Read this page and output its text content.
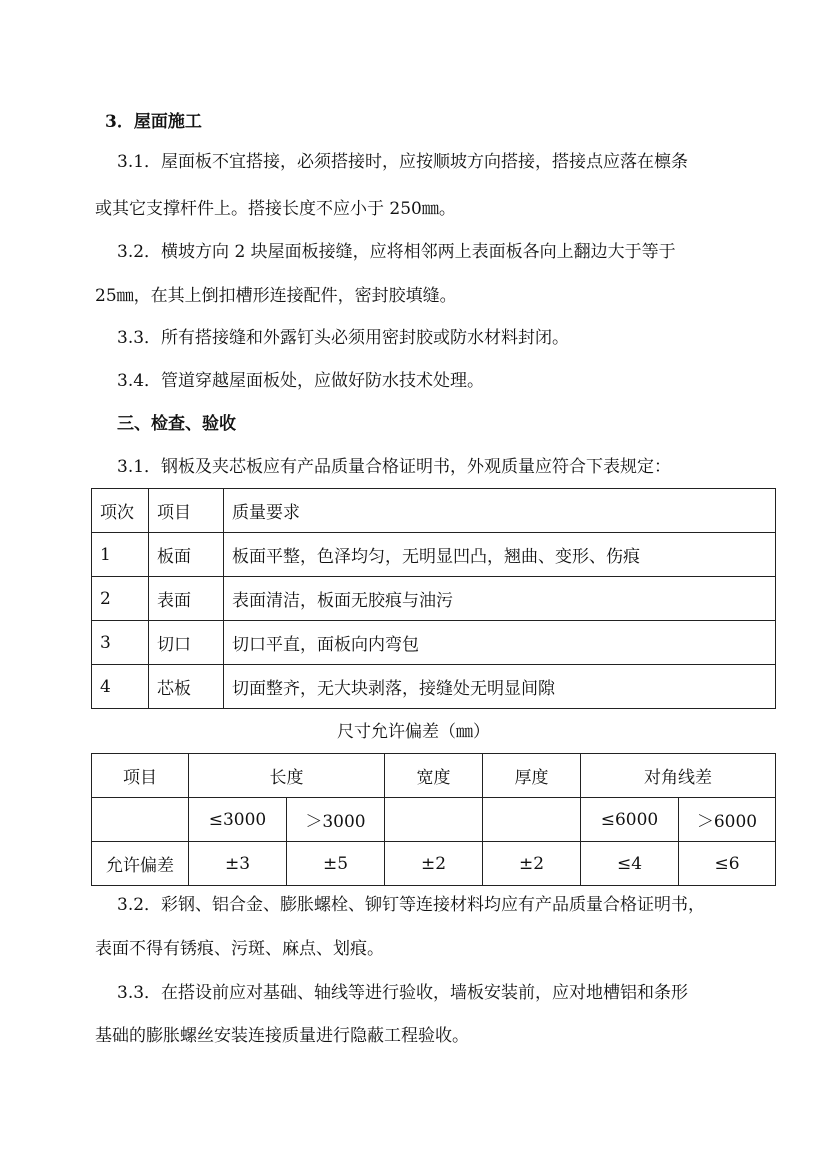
3．屋面施工
3.1．屋面板不宜搭接，必须搭接时，应按顺坡方向搭接，搭接点应落在檩条
或其它支撑杆件上。搭接长度不应小于 250㎜。
3.2．横坡方向 2 块屋面板接缝，应将相邻两上表面板各向上翻边大于等于
25㎜，在其上倒扣槽形连接配件，密封胶填缝。
3.3．所有搭接缝和外露钉头必须用密封胶或防水材料封闭。
3.4．管道穿越屋面板处，应做好防水技术处理。
三、检查、验收
3.1．钢板及夹芯板应有产品质量合格证明书，外观质量应符合下表规定：
项次	项目	质量要求
1	板面	板面平整，色泽均匀，无明显凹凸，翘曲、变形、伤痕
2	表面	表面清洁，板面无胶痕与油污
3	切口	切口平直，面板向内弯包
4	芯板	切面整齐，无大块剥落，接缝处无明显间隙
尺寸允许偏差（㎜）
项目	长度		宽度	厚度	对角线差	
	≤3000	＞3000			≤6000	＞6000
允许偏差	±3	±5	±2	±2	≤4	≤6
3.2．彩钢、铝合金、膨胀螺栓、铆钉等连接材料均应有产品质量合格证明书，
表面不得有锈痕、污斑、麻点、划痕。
3.3．在搭设前应对基础、轴线等进行验收，墙板安装前，应对地槽铝和条形
基础的膨胀螺丝安装连接质量进行隐蔽工程验收。
